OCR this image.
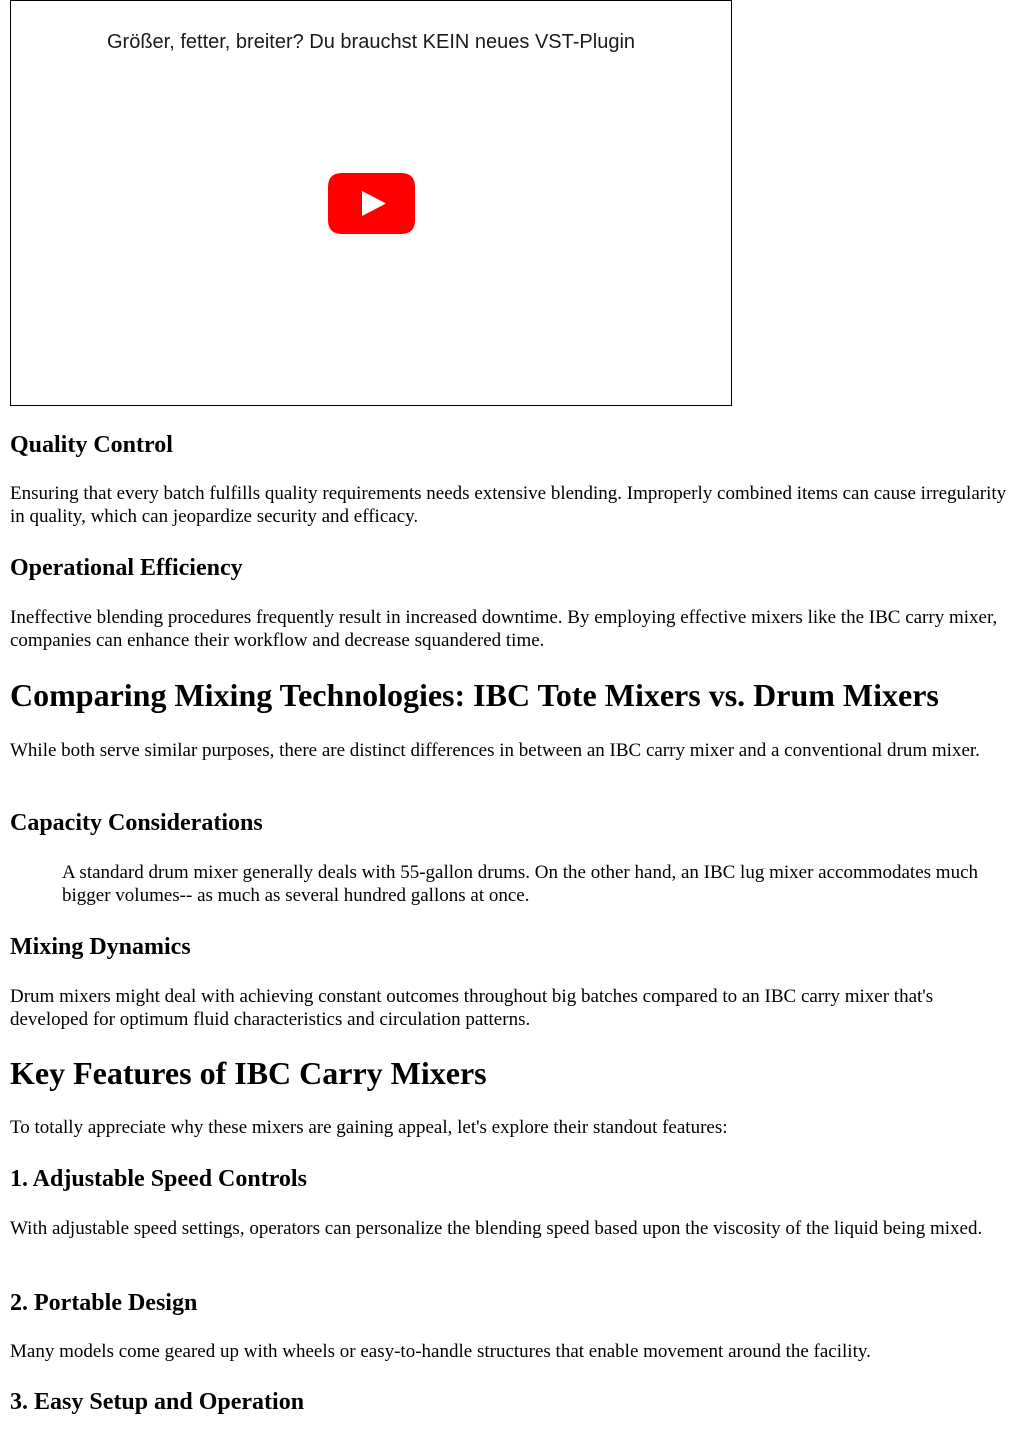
Größer, fetter, breiter? Du brauchst KEIN neues VST-Plugin
Quality Control

Ensuring that every batch fulfills quality requirements needs extensive blending. Improperly combined items can cause irregularity in quality, which can jeopardize security and efficacy.

Operational Efficiency

Ineffective blending procedures frequently result in increased downtime. By employing effective mixers like the IBC carry mixer, companies can enhance their workflow and decrease squandered time.

Comparing Mixing Technologies: IBC Tote Mixers vs. Drum Mixers

While both serve similar purposes, there are distinct differences in between an IBC carry mixer and a conventional drum mixer.

Capacity Considerations
A standard drum mixer generally deals with 55-gallon drums. On the other hand, an IBC lug mixer accommodates much bigger volumes-- as much as several hundred gallons at once.
Mixing Dynamics

Drum mixers might deal with achieving constant outcomes throughout big batches compared to an IBC carry mixer that's developed for optimum fluid characteristics and circulation patterns.

Key Features of IBC Carry Mixers

To totally appreciate why these mixers are gaining appeal, let's explore their standout features:

1. Adjustable Speed Controls

With adjustable speed settings, operators can personalize the blending speed based upon the viscosity of the liquid being mixed.

2. Portable Design

Many models come geared up with wheels or easy-to-handle structures that enable movement around the facility.

3. Easy Setup and Operation
